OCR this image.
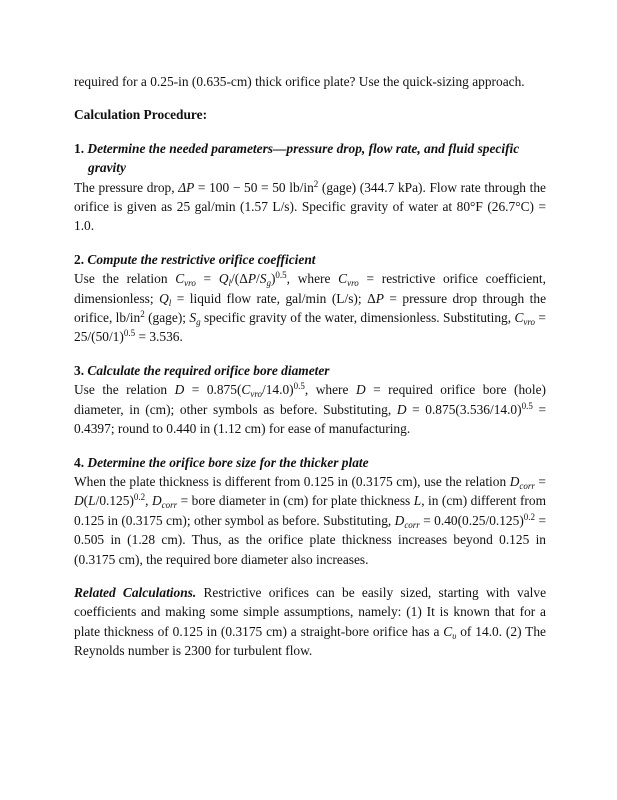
required for a 0.25-in (0.635-cm) thick orifice plate? Use the quick-sizing approach.

Calculation Procedure:

1. Determine the needed parameters—pressure drop, flow rate, and fluid specific gravity

The pressure drop, ΔP = 100 − 50 = 50 $lb/in^2$ (gage) (344.7 kPa). Flow rate through the orifice is given as 25 gal/min (1.57 L/s). Specific gravity of water at 80°F (26.7°C) = 1.0.

2. Compute the restrictive orifice coefficient

Use the relation $C_{vro} = Q_l/(\Delta P/S_g)^{0.5}$, where $C_{vro}$ = restrictive orifice coefficient, dimensionless; $Q_l$ = liquid flow rate, gal/min (L/s); ΔP = pressure drop through the orifice, $lb/in^2$ (gage); $S_g$ specific gravity of the water, dimensionless. Substituting, $C_{vro} = 25/(50/1)^{0.5} = 3.536$.

3. Calculate the required orifice bore diameter

Use the relation $D = 0.875(C_{vro}/14.0)^{0.5}$, where D = required orifice bore (hole) diameter, in (cm); other symbols as before. Substituting, $D = 0.875(3.536/14.0)^{0.5} = 0.4397$; round to 0.440 in (1.12 cm) for ease of manufacturing.

4. Determine the orifice bore size for the thicker plate

When the plate thickness is different from 0.125 in (0.3175 cm), use the relation $D_{corr} = D(L/0.125)^{0.2}$, $D_{corr}$ = bore diameter in (cm) for plate thickness L, in (cm) different from 0.125 in (0.3175 cm); other symbol as before. Substituting, $D_{corr} = 0.40(0.25/0.125)^{0.2} = 0.505$ in (1.28 cm). Thus, as the orifice plate thickness increases beyond 0.125 in (0.3175 cm), the required bore diameter also increases.

Related Calculations. Restrictive orifices can be easily sized, starting with valve coefficients and making some simple assumptions, namely: (1) It is known that for a plate thickness of 0.125 in (0.3175 cm) a straight-bore orifice has a $C_\upsilon$ of 14.0. (2) The Reynolds number is 2300 for turbulent flow.
